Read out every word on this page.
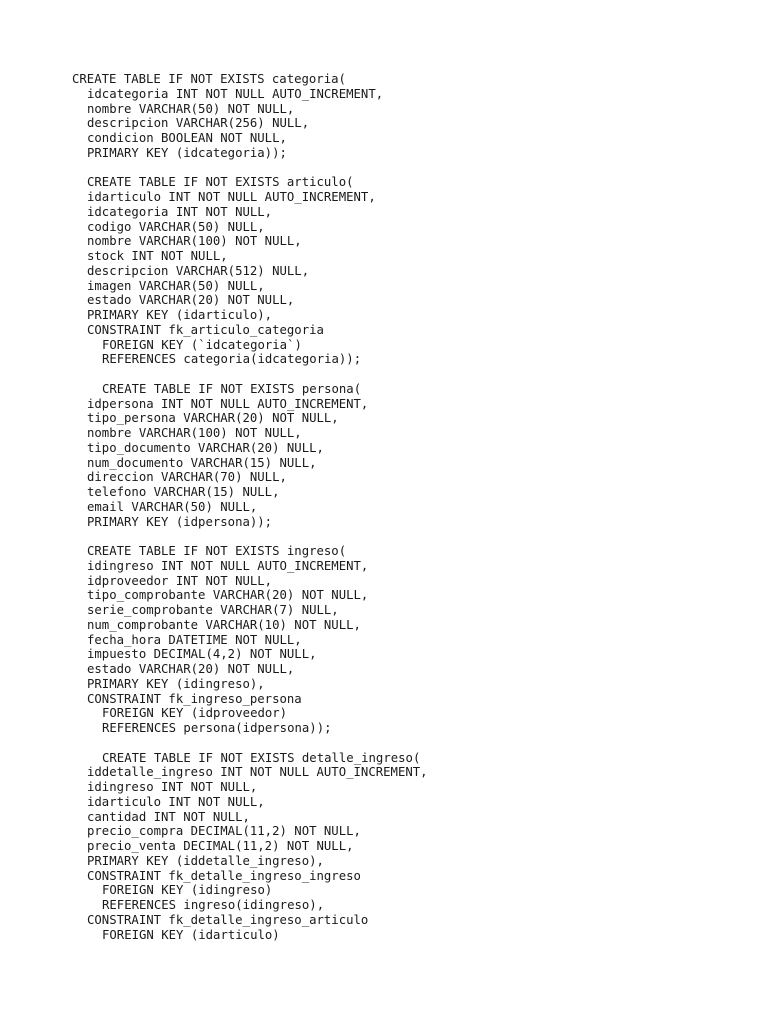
CREATE TABLE IF NOT EXISTS categoria(
idcategoria INT NOT NULL AUTO_INCREMENT,
nombre VARCHAR(50) NOT NULL,
descripcion VARCHAR(256) NULL,
condicion BOOLEAN NOT NULL,
PRIMARY KEY (idcategoria));
CREATE TABLE IF NOT EXISTS articulo(
idarticulo INT NOT NULL AUTO_INCREMENT,
idcategoria INT NOT NULL,
codigo VARCHAR(50) NULL,
nombre VARCHAR(100) NOT NULL,
stock INT NOT NULL,
descripcion VARCHAR(512) NULL,
imagen VARCHAR(50) NULL,
estado VARCHAR(20) NOT NULL,
PRIMARY KEY (idarticulo),
CONSTRAINT fk_articulo_categoria
FOREIGN KEY (`idcategoria`)
REFERENCES categoria(idcategoria));
CREATE TABLE IF NOT EXISTS persona(
idpersona INT NOT NULL AUTO_INCREMENT,
tipo_persona VARCHAR(20) NOT NULL,
nombre VARCHAR(100) NOT NULL,
tipo_documento VARCHAR(20) NULL,
num_documento VARCHAR(15) NULL,
direccion VARCHAR(70) NULL,
telefono VARCHAR(15) NULL,
email VARCHAR(50) NULL,
PRIMARY KEY (idpersona));
CREATE TABLE IF NOT EXISTS ingreso(
idingreso INT NOT NULL AUTO_INCREMENT,
idproveedor INT NOT NULL,
tipo_comprobante VARCHAR(20) NOT NULL,
serie_comprobante VARCHAR(7) NULL,
num_comprobante VARCHAR(10) NOT NULL,
fecha_hora DATETIME NOT NULL,
impuesto DECIMAL(4,2) NOT NULL,
estado VARCHAR(20) NOT NULL,
PRIMARY KEY (idingreso),
CONSTRAINT fk_ingreso_persona
FOREIGN KEY (idproveedor)
REFERENCES persona(idpersona));
CREATE TABLE IF NOT EXISTS detalle_ingreso(
iddetalle_ingreso INT NOT NULL AUTO_INCREMENT,
idingreso INT NOT NULL,
idarticulo INT NOT NULL,
cantidad INT NOT NULL,
precio_compra DECIMAL(11,2) NOT NULL,
precio_venta DECIMAL(11,2) NOT NULL,
PRIMARY KEY (iddetalle_ingreso),
CONSTRAINT fk_detalle_ingreso_ingreso
FOREIGN KEY (idingreso)
REFERENCES ingreso(idingreso),
CONSTRAINT fk_detalle_ingreso_articulo
FOREIGN KEY (idarticulo)
